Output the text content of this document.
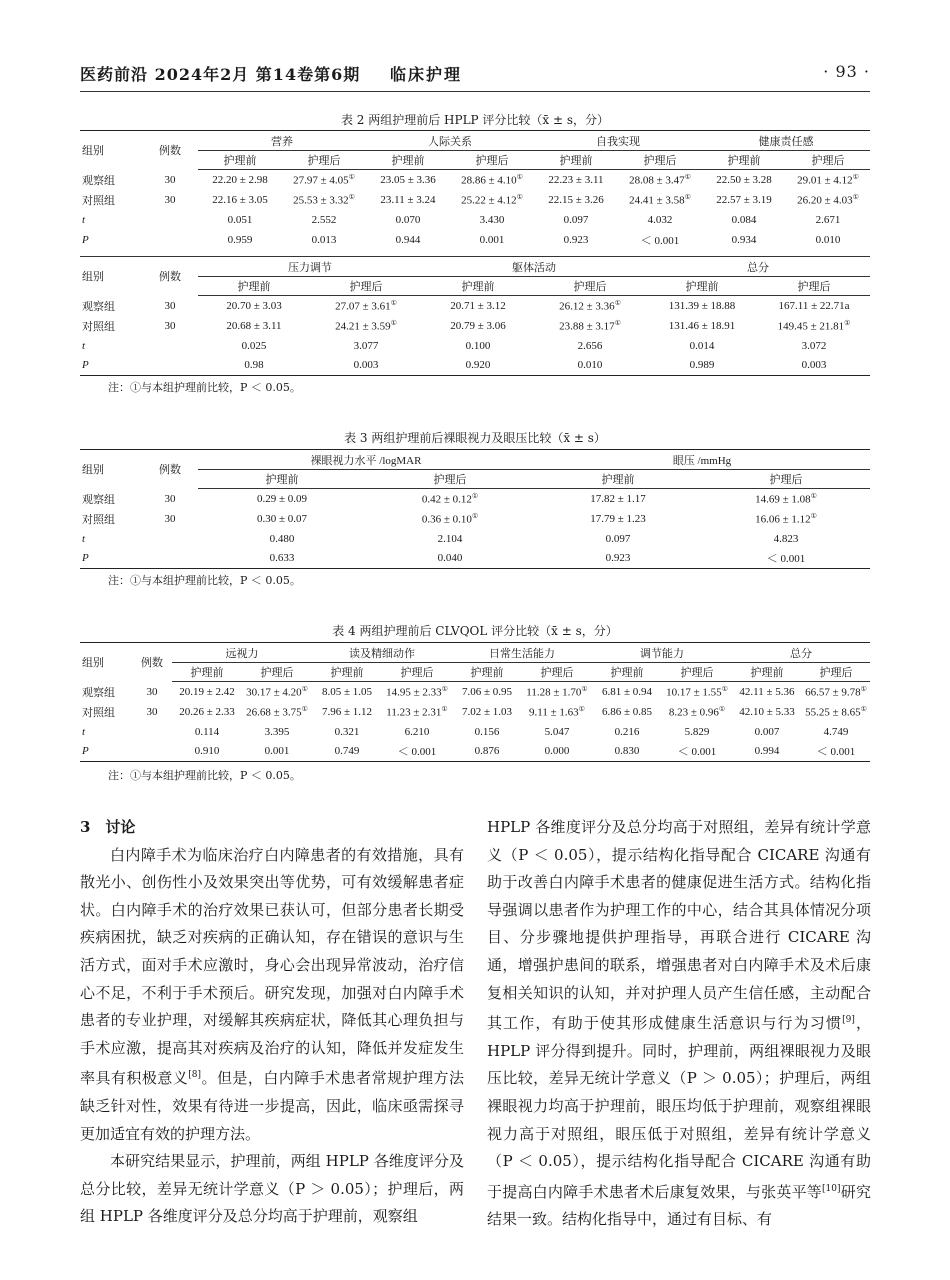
医药前沿 2024年2月 第14卷第6期 临床护理	· 93 ·
表 2 两组护理前后 HPLP 评分比较（x̄ ± s，分）
组别	例数	营养		人际关系		自我实现		健康责任感	
		护理前	护理后	护理前	护理后	护理前	护理后	护理前	护理后
观察组	30	22.20 ± 2.98	27.97 ± 4.05①	23.05 ± 3.36	28.86 ± 4.10①	22.23 ± 3.11	28.08 ± 3.47①	22.50 ± 3.28	29.01 ± 4.12①
对照组	30	22.16 ± 3.05	25.53 ± 3.32①	23.11 ± 3.24	25.22 ± 4.12①	22.15 ± 3.26	24.41 ± 3.58①	22.57 ± 3.19	26.20 ± 4.03①
t		0.051	2.552	0.070	3.430	0.097	4.032	0.084	2.671
P		0.959	0.013	0.944	0.001	0.923	＜ 0.001	0.934	0.010
组别	例数	压力调节		躯体活动		总分	
		护理前	护理后	护理前	护理后	护理前	护理后
观察组	30	20.70 ± 3.03	27.07 ± 3.61①	20.71 ± 3.12	26.12 ± 3.36①	131.39 ± 18.88	167.11 ± 22.71a
对照组	30	20.68 ± 3.11	24.21 ± 3.59①	20.79 ± 3.06	23.88 ± 3.17①	131.46 ± 18.91	149.45 ± 21.81①
t		0.025	3.077	0.100	2.656	0.014	3.072
P		0.98	0.003	0.920	0.010	0.989	0.003
注：①与本组护理前比较，P ＜ 0.05。
表 3 两组护理前后裸眼视力及眼压比较（x̄ ± s）
组别	例数	裸眼视力水平 /logMAR		眼压 /mmHg	
		护理前	护理后	护理前	护理后
观察组	30	0.29 ± 0.09	0.42 ± 0.12①	17.82 ± 1.17	14.69 ± 1.08①
对照组	30	0.30 ± 0.07	0.36 ± 0.10①	17.79 ± 1.23	16.06 ± 1.12①
t		0.480	2.104	0.097	4.823
P		0.633	0.040	0.923	＜ 0.001
注：①与本组护理前比较，P ＜ 0.05。
表 4 两组护理前后 CLVQOL 评分比较（x̄ ± s，分）
组别	例数	远视力		读及精细动作		日常生活能力		调节能力		总分	
		护理前	护理后	护理前	护理后	护理前	护理后	护理前	护理后	护理前	护理后
观察组	30	20.19 ± 2.42	30.17 ± 4.20①	8.05 ± 1.05	14.95 ± 2.33①	7.06 ± 0.95	11.28 ± 1.70①	6.81 ± 0.94	10.17 ± 1.55①	42.11 ± 5.36	66.57 ± 9.78①
对照组	30	20.26 ± 2.33	26.68 ± 3.75①	7.96 ± 1.12	11.23 ± 2.31①	7.02 ± 1.03	9.11 ± 1.63①	6.86 ± 0.85	8.23 ± 0.96①	42.10 ± 5.33	55.25 ± 8.65①
t		0.114	3.395	0.321	6.210	0.156	5.047	0.216	5.829	0.007	4.749
P		0.910	0.001	0.749	＜ 0.001	0.876	0.000	0.830	＜ 0.001	0.994	＜ 0.001
注：①与本组护理前比较，P ＜ 0.05。

3　讨论

白内障手术为临床治疗白内障患者的有效措施，具有散光小、创伤性小及效果突出等优势，可有效缓解患者症状。白内障手术的治疗效果已获认可，但部分患者长期受疾病困扰，缺乏对疾病的正确认知，存在错误的意识与生活方式，面对手术应激时，身心会出现异常波动，治疗信心不足，不利于手术预后。研究发现，加强对白内障手术患者的专业护理，对缓解其疾病症状，降低其心理负担与手术应激，提高其对疾病及治疗的认知，降低并发症发生率具有积极意义[8]。但是，白内障手术患者常规护理方法缺乏针对性，效果有待进一步提高，因此，临床亟需探寻更加适宜有效的护理方法。

本研究结果显示，护理前，两组 HPLP 各维度评分及总分比较，差异无统计学意义（P ＞ 0.05）；护理后，两组 HPLP 各维度评分及总分均高于护理前，观察组

HPLP 各维度评分及总分均高于对照组，差异有统计学意义（P ＜ 0.05），提示结构化指导配合 CICARE 沟通有助于改善白内障手术患者的健康促进生活方式。结构化指导强调以患者作为护理工作的中心，结合其具体情况分项目、分步骤地提供护理指导，再联合进行 CICARE 沟通，增强护患间的联系，增强患者对白内障手术及术后康复相关知识的认知，并对护理人员产生信任感，主动配合其工作，有助于使其形成健康生活意识与行为习惯[9]，HPLP 评分得到提升。同时，护理前，两组裸眼视力及眼压比较，差异无统计学意义（P ＞ 0.05）；护理后，两组裸眼视力均高于护理前，眼压均低于护理前，观察组裸眼视力高于对照组，眼压低于对照组，差异有统计学意义（P ＜ 0.05），提示结构化指导配合 CICARE 沟通有助于提高白内障手术患者术后康复效果，与张英平等[10]研究结果一致。结构化指导中，通过有目标、有
